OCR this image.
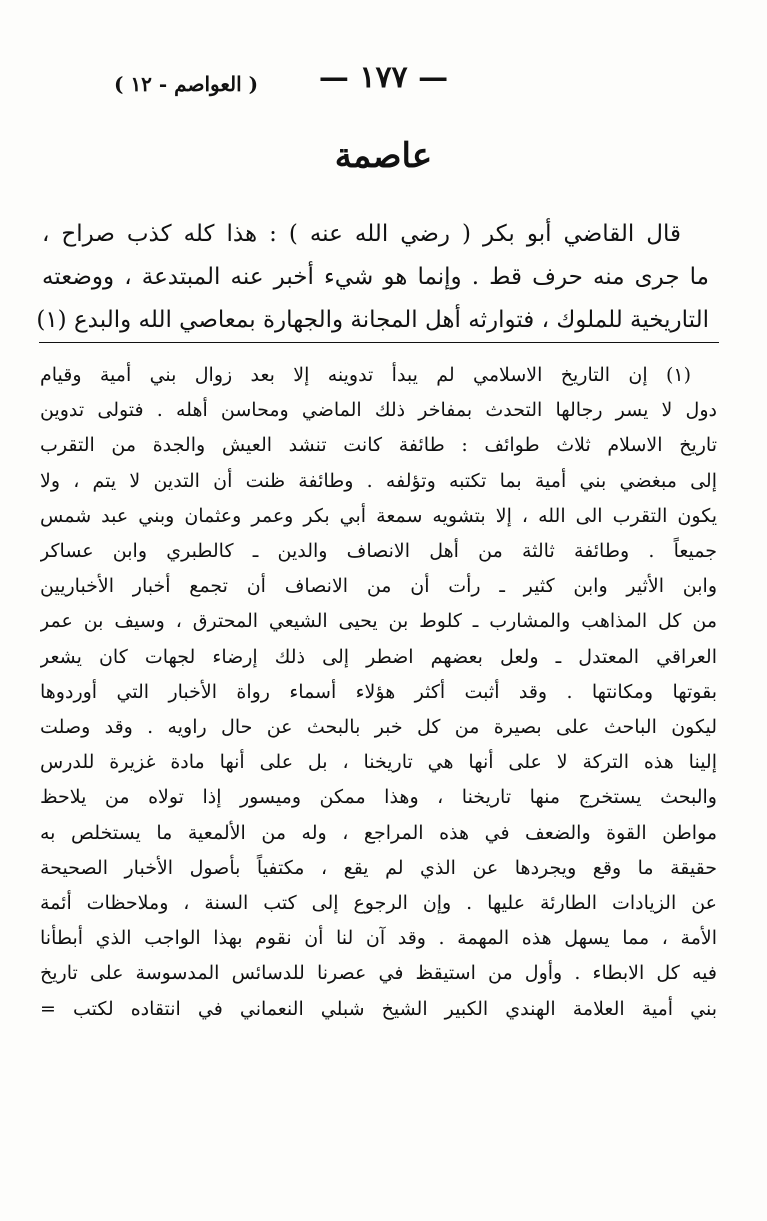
— ١٧٧ —
( العواصم - ١٢ )
عاصمة
قال القاضي أبو بكر ( رضي الله عنه ) : هذا كله كذب صراح ،
ما جرى منه حرف قط . وإنما هو شيء أخبر عنه المبتدعة ، ووضعته
التاريخية للملوك ، فتوارثه أهل المجانة والجهارة بمعاصي الله والبدع (١)
(١) إن التاريخ الاسلامي لم يبدأ تدوينه إلا بعد زوال بني أمية وقيام
دول لا يسر رجالها التحدث بمفاخر ذلك الماضي ومحاسن أهله . فتولى تدوين
تاريخ الاسلام ثلاث طوائف : طائفة كانت تنشد العيش والجدة من التقرب
إلى مبغضي بني أمية بما تكتبه وتؤلفه . وطائفة ظنت أن التدين لا يتم ، ولا
يكون التقرب الى الله ، إلا بتشويه سمعة أبي بكر وعمر وعثمان وبني عبد شمس
جميعاً . وطائفة ثالثة من أهل الانصاف والدين ـ كالطبري وابن عساكر
وابن الأثير وابن كثير ـ رأت أن من الانصاف أن تجمع أخبار الأخباريين
من كل المذاهب والمشارب ـ كلوط بن يحيى الشيعي المحترق ، وسيف بن عمر
العراقي المعتدل ـ ولعل بعضهم اضطر إلى ذلك إرضاء لجهات كان يشعر
بقوتها ومكانتها . وقد أثبت أكثر هؤلاء أسماء رواة الأخبار التي أوردوها
ليكون الباحث على بصيرة من كل خبر بالبحث عن حال راويه . وقد وصلت
إلينا هذه التركة لا على أنها هي تاريخنا ، بل على أنها مادة غزيرة للدرس
والبحث يستخرج منها تاريخنا ، وهذا ممكن وميسور إذا تولاه من يلاحظ
مواطن القوة والضعف في هذه المراجع ، وله من الألمعية ما يستخلص به
حقيقة ما وقع ويجردها عن الذي لم يقع ، مكتفياً بأصول الأخبار الصحيحة
عن الزيادات الطارئة عليها . وإن الرجوع إلى كتب السنة ، وملاحظات أئمة
الأمة ، مما يسهل هذه المهمة . وقد آن لنا أن نقوم بهذا الواجب الذي أبطأنا
فيه كل الابطاء . وأول من استيقظ في عصرنا للدسائس المدسوسة على تاريخ
بني أمية العلامة الهندي الكبير الشيخ شبلي النعماني في انتقاده لكتب =
